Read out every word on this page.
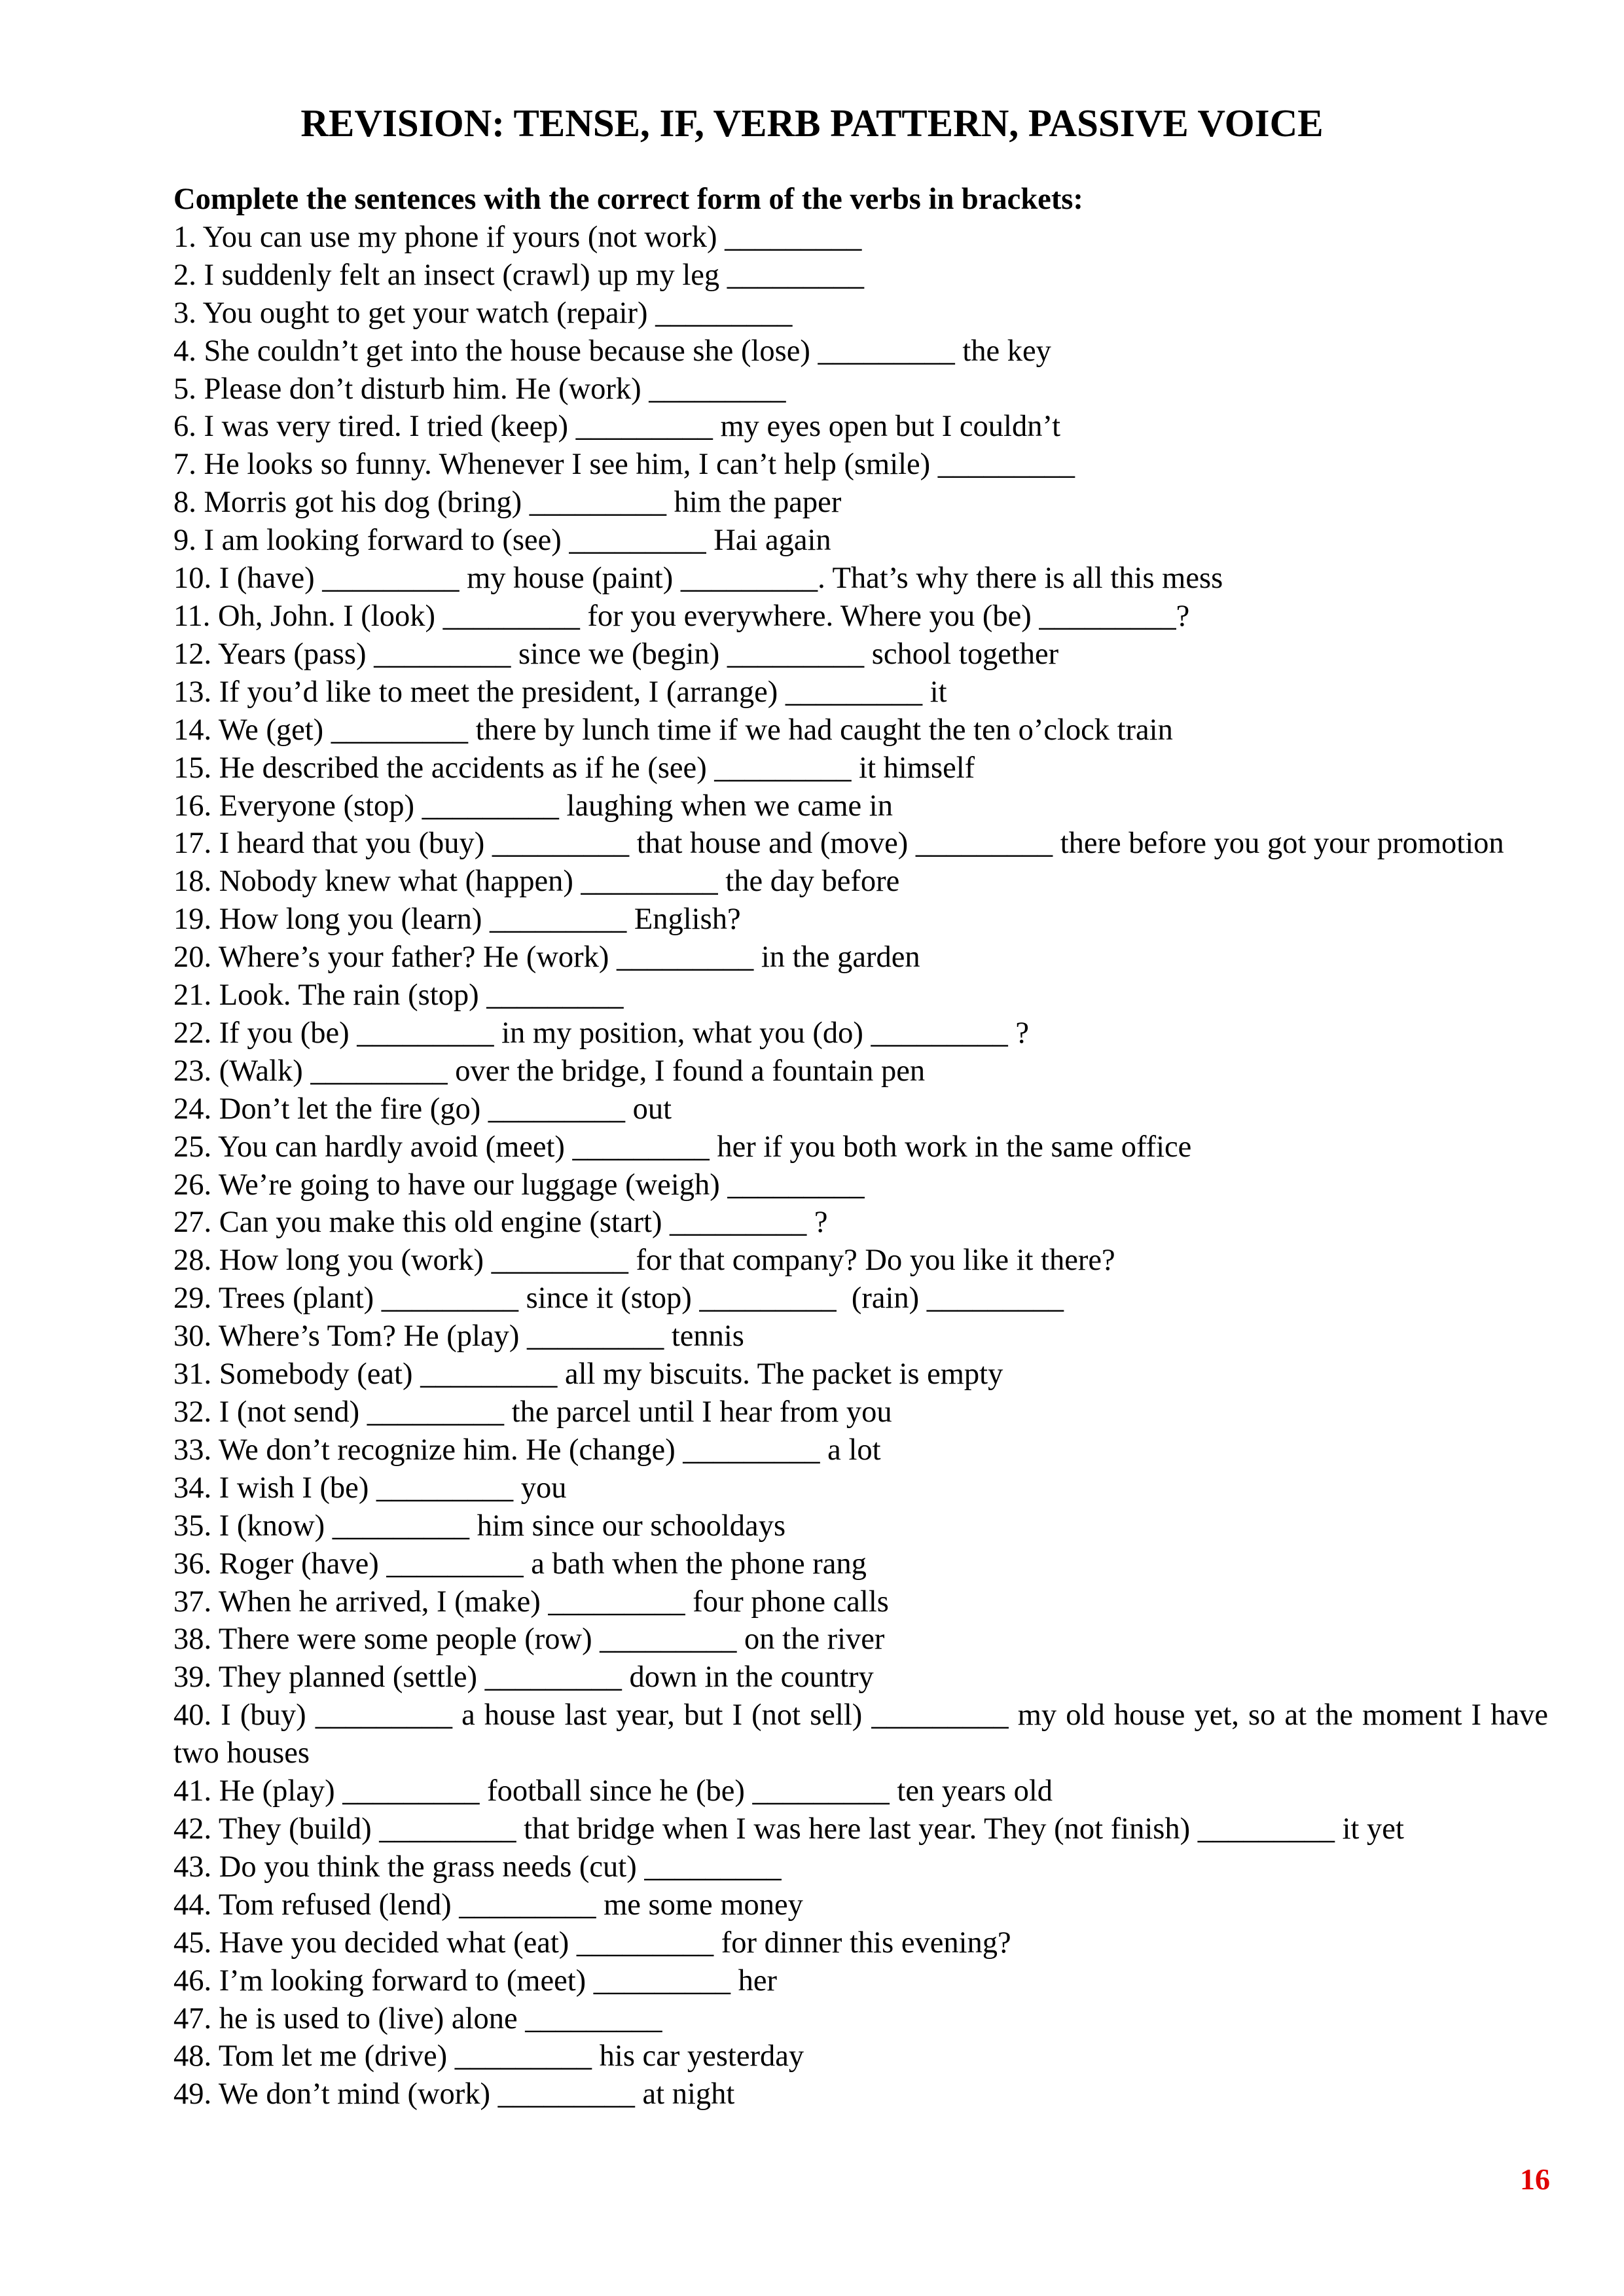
REVISION: TENSE, IF, VERB PATTERN, PASSIVE VOICE
Complete the sentences with the correct form of the verbs in brackets:
1. You can use my phone if yours (not work) _________
2. I suddenly felt an insect (crawl) up my leg _________
3. You ought to get your watch (repair) _________
4. She couldn’t get into the house because she (lose) _________ the key
5. Please don’t disturb him. He (work) _________
6. I was very tired. I tried (keep) _________ my eyes open but I couldn’t
7. He looks so funny. Whenever I see him, I can’t help (smile) _________
8. Morris got his dog (bring) _________ him the paper
9. I am looking forward to (see) _________ Hai again
10. I (have) _________ my house (paint) _________. That’s why there is all this mess
11. Oh, John. I (look) _________ for you everywhere. Where you (be) _________?
12. Years (pass) _________ since we (begin) _________ school together
13. If you’d like to meet the president, I (arrange) _________ it
14. We (get) _________ there by lunch time if we had caught the ten o’clock train
15. He described the accidents as if he (see) _________ it himself
16. Everyone (stop) _________ laughing when we came in
17. I heard that you (buy) _________ that house and (move) _________ there before you got your promotion
18. Nobody knew what (happen) _________ the day before
19. How long you (learn) _________ English?
20. Where’s your father? He (work) _________ in the garden
21. Look. The rain (stop) _________
22. If you (be) _________ in my position, what you (do) _________ ?
23. (Walk) _________ over the bridge, I found a fountain pen
24. Don’t let the fire (go) _________ out
25. You can hardly avoid (meet) _________ her if you both work in the same office
26. We’re going to have our luggage (weigh) _________
27. Can you make this old engine (start) _________ ?
28. How long you (work) _________ for that company? Do you like it there?
29. Trees (plant) _________ since it (stop) _________  (rain) _________
30. Where’s Tom? He (play) _________ tennis
31. Somebody (eat) _________ all my biscuits. The packet is empty
32. I (not send) _________ the parcel until I hear from you
33. We don’t recognize him. He (change) _________ a lot
34. I wish I (be) _________ you
35. I (know) _________ him since our schooldays
36. Roger (have) _________ a bath when the phone rang
37. When he arrived, I (make) _________ four phone calls
38. There were some people (row) _________ on the river
39. They planned (settle) _________ down in the country
40. I (buy) _________ a house last year, but I (not sell) _________ my old house yet, so at the moment I have two houses
41. He (play) _________ football since he (be) _________ ten years old
42. They (build) _________ that bridge when I was here last year. They (not finish) _________ it yet
43. Do you think the grass needs (cut) _________
44. Tom refused (lend) _________ me some money
45. Have you decided what (eat) _________ for dinner this evening?
46. I’m looking forward to (meet) _________ her
47. he is used to (live) alone _________
48. Tom let me (drive) _________ his car yesterday
49. We don’t mind (work) _________ at night
16
